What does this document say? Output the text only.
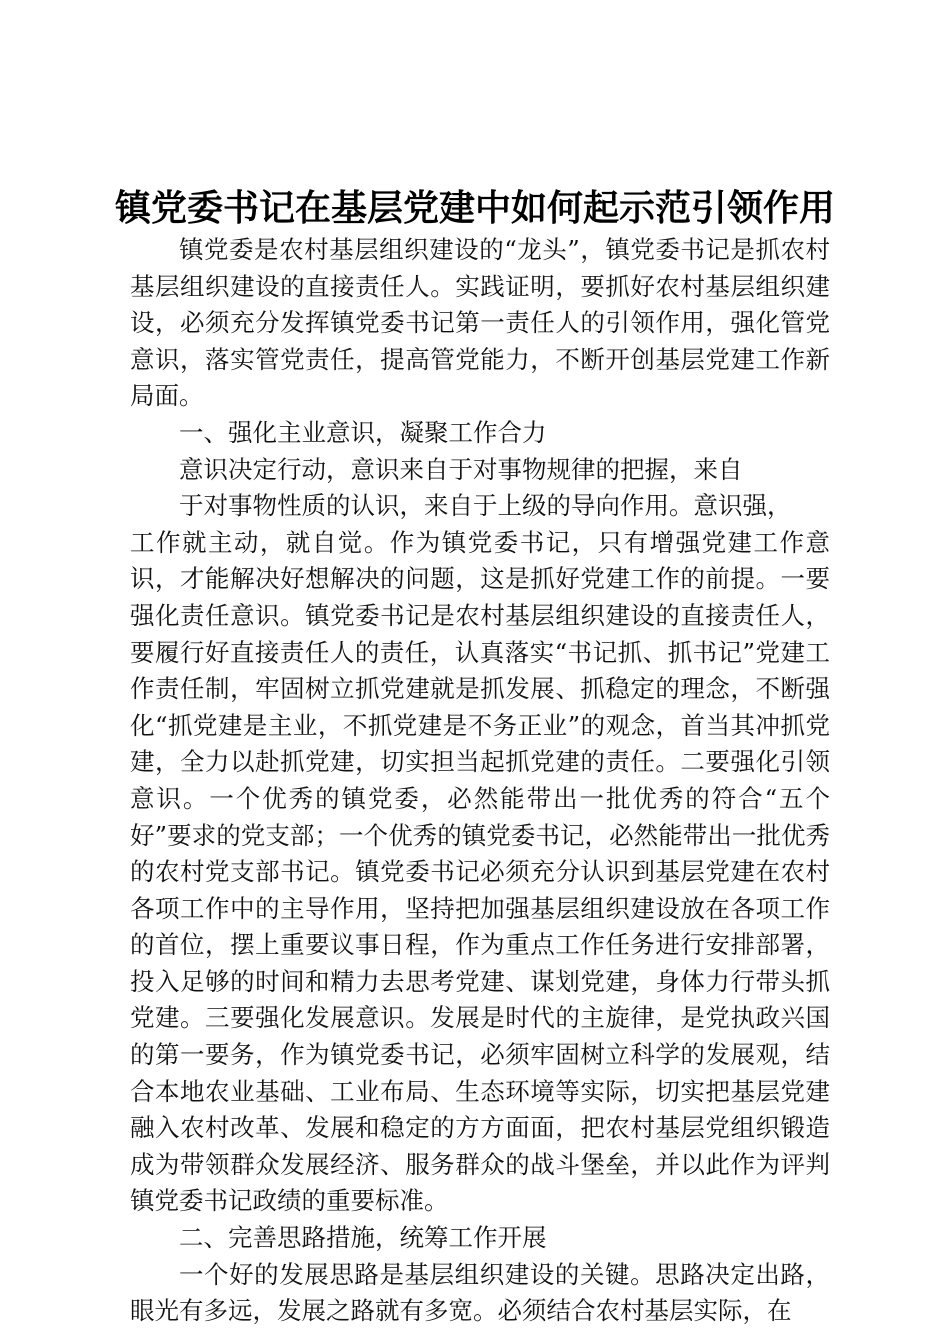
镇党委书记在基层党建中如何起示范引领作用

镇党委是农村基层组织建设的“龙头”，镇党委书记是抓农村基层组织建设的直接责任人。实践证明，要抓好农村基层组织建设，必须充分发挥镇党委书记第一责任人的引领作用，强化管党意识，落实管党责任，提高管党能力，不断开创基层党建工作新局面。

一、强化主业意识，凝聚工作合力

意识决定行动，意识来自于对事物规律的把握，来自

于对事物性质的认识，来自于上级的导向作用。意识强，

工作就主动，就自觉。作为镇党委书记，只有增强党建工作意识，才能解决好想解决的问题，这是抓好党建工作的前提。一要强化责任意识。镇党委书记是农村基层组织建设的直接责任人，要履行好直接责任人的责任，认真落实“书记抓、抓书记”党建工作责任制，牢固树立抓党建就是抓发展、抓稳定的理念，不断强化“抓党建是主业，不抓党建是不务正业”的观念，首当其冲抓党建，全力以赴抓党建，切实担当起抓党建的责任。二要强化引领意识。一个优秀的镇党委，必然能带出一批优秀的符合“五个好”要求的党支部；一个优秀的镇党委书记，必然能带出一批优秀的农村党支部书记。镇党委书记必须充分认识到基层党建在农村各项工作中的主导作用，坚持把加强基层组织建设放在各项工作的首位，摆上重要议事日程，作为重点工作任务进行安排部署，投入足够的时间和精力去思考党建、谋划党建，身体力行带头抓党建。三要强化发展意识。发展是时代的主旋律，是党执政兴国的第一要务，作为镇党委书记，必须牢固树立科学的发展观，结合本地农业基础、工业布局、生态环境等实际，切实把基层党建融入农村改革、发展和稳定的方方面面，把农村基层党组织锻造成为带领群众发展经济、服务群众的战斗堡垒，并以此作为评判镇党委书记政绩的重要标准。

二、完善思路措施，统筹工作开展

一个好的发展思路是基层组织建设的关键。思路决定出路，眼光有多远，发展之路就有多宽。必须结合农村基层实际，在
